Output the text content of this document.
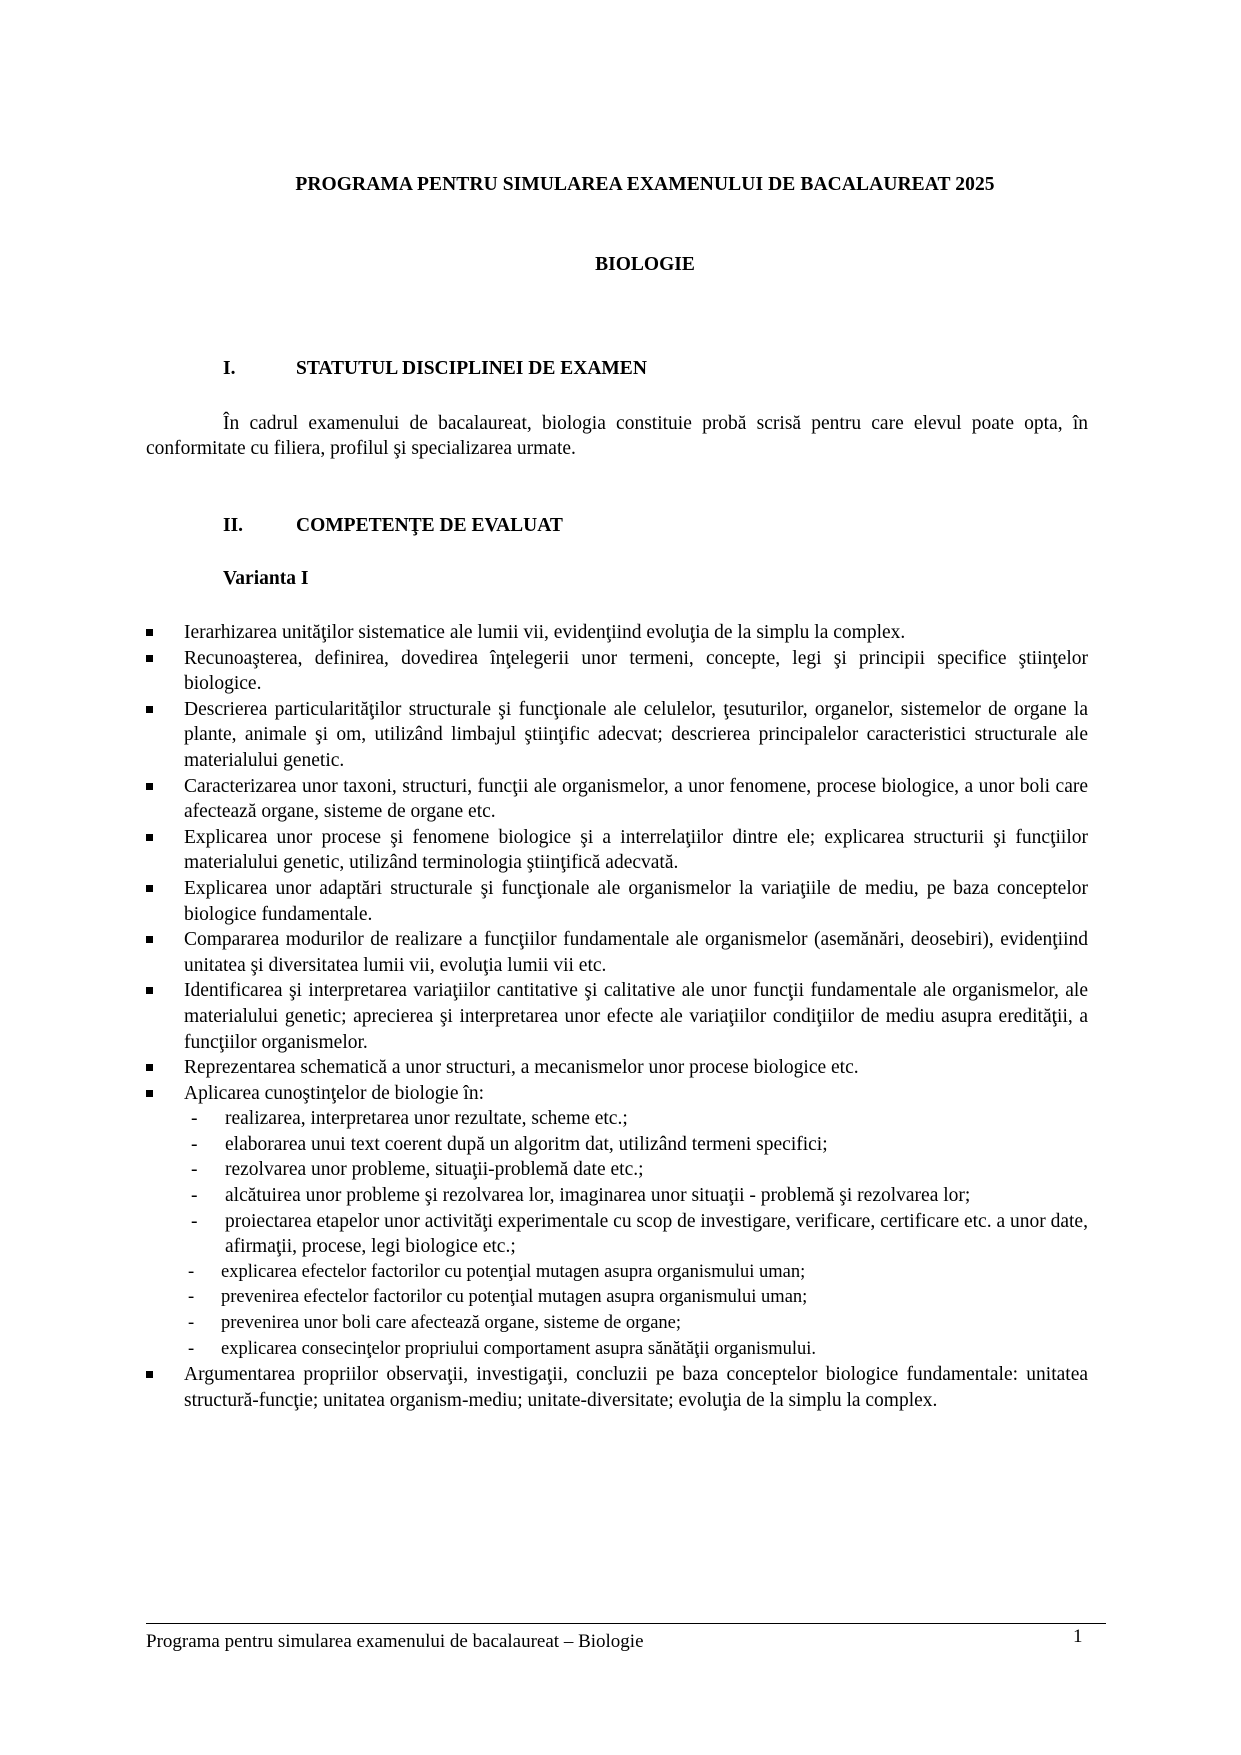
PROGRAMA PENTRU SIMULAREA EXAMENULUI DE BACALAUREAT 2025
BIOLOGIE
I.	STATUTUL DISCIPLINEI DE EXAMEN

În cadrul examenului de bacalaureat, biologia constituie probă scrisă pentru care elevul poate opta, în conformitate cu filiera, profilul şi specializarea urmate.

II.	COMPETENŢE DE EVALUAT
Varianta I
Ierarhizarea unităţilor sistematice ale lumii vii, evidenţiind evoluţia de la simplu la complex.
Recunoaşterea, definirea, dovedirea înţelegerii unor termeni, concepte, legi şi principii specifice ştiinţelor biologice.
Descrierea particularităţilor structurale şi funcţionale ale celulelor, ţesuturilor, organelor, sistemelor de organe la plante, animale şi om, utilizând limbajul ştiinţific adecvat; descrierea principalelor caracteristici structurale ale materialului genetic.
Caracterizarea unor taxoni, structuri, funcţii ale organismelor, a unor fenomene, procese biologice, a unor boli care afectează organe, sisteme de organe etc.
Explicarea unor procese şi fenomene biologice şi a interrelaţiilor dintre ele; explicarea structurii şi funcţiilor materialului genetic, utilizând terminologia ştiinţifică adecvată.
Explicarea unor adaptări structurale şi funcţionale ale organismelor la variaţiile de mediu, pe baza conceptelor biologice fundamentale.
Compararea modurilor de realizare a funcţiilor fundamentale ale organismelor (asemănări, deosebiri), evidenţiind unitatea şi diversitatea lumii vii, evoluţia lumii vii etc.
Identificarea şi interpretarea variaţiilor cantitative şi calitative ale unor funcţii fundamentale ale organismelor, ale materialului genetic; aprecierea şi interpretarea unor efecte ale variaţiilor condiţiilor de mediu asupra eredităţii, a funcţiilor organismelor.
Reprezentarea schematică a unor structuri, a mecanismelor unor procese biologice etc.
Aplicarea cunoştinţelor de biologie în:
- realizarea, interpretarea unor rezultate, scheme etc.;
- elaborarea unui text coerent după un algoritm dat, utilizând termeni specifici;
- rezolvarea unor probleme, situaţii-problemă date etc.;
- alcătuirea unor probleme şi rezolvarea lor, imaginarea unor situaţii - problemă şi rezolvarea lor;
- proiectarea etapelor unor activităţi experimentale cu scop de investigare, verificare, certificare etc. a unor date, afirmaţii, procese, legi biologice etc.;
- explicarea efectelor factorilor cu potenţial mutagen asupra organismului uman;
- prevenirea efectelor factorilor cu potenţial mutagen asupra organismului uman;
- prevenirea unor boli care afectează organe, sisteme de organe;
- explicarea consecinţelor propriului comportament asupra sănătăţii organismului.
Argumentarea propriilor observaţii, investigaţii, concluzii pe baza conceptelor biologice fundamentale: unitatea structură-funcţie; unitatea organism-mediu; unitate-diversitate; evoluţia de la simplu la complex.
Programa pentru simularea examenului de bacalaureat – Biologie	1
